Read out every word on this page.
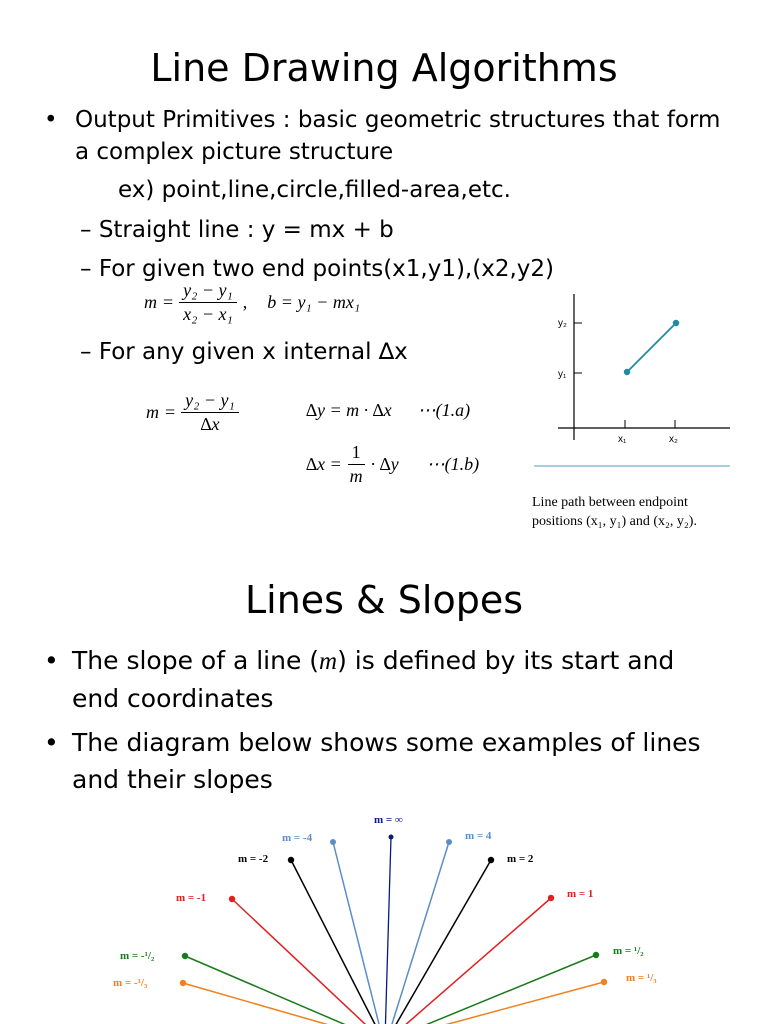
Line Drawing Algorithms
• Output Primitives : basic geometric structures that form
a complex picture structure
ex) point,line,circle,filled-area,etc.
– Straight line : y = mx + b
– For given two end points(x1,y1),(x2,y2)
$m = \frac{\text{y₂ − y₁}}{\text{x₂ − x₁}}$ , b = y₁ − mx₁
– For any given x internal ∆x
$m = \frac{\text{y₂ − y₁}}{\Delta x}$	∆y = m · ∆x ⋯(1.a)
$\Delta x = \frac{1}{m} \cdot \Delta y$ ⋯(1.b)
y₂
y₁
x₁	x₂
Line path between endpoint
positions (x₁, y₁) and (x₂, y₂).
Lines & Slopes
• The slope of a line (m) is defined by its start and
end coordinates
• The diagram below shows some examples of lines
and their slopes
m = ∞
m = -4	m = 4
m = -2	m = 2
m = -1	m = 1
m = -¹/₂	m = ¹/₂
m = -¹/₃	m = ¹/₃
